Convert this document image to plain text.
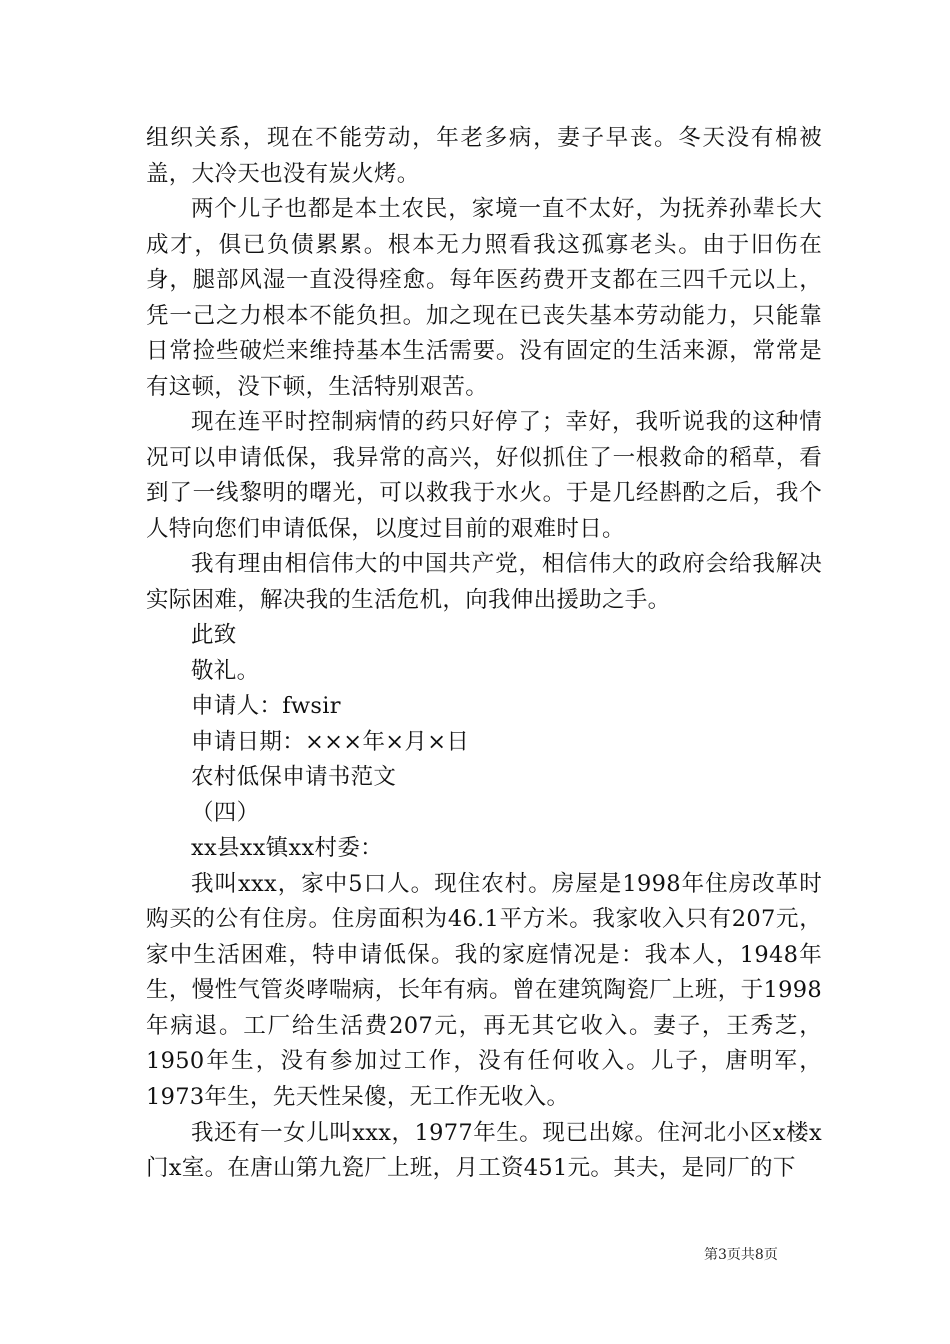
组织关系，现在不能劳动，年老多病，妻子早丧。冬天没有棉被盖，大冷天也没有炭火烤。

两个儿子也都是本土农民，家境一直不太好，为抚养孙辈长大成才，俱已负债累累。根本无力照看我这孤寡老头。由于旧伤在身，腿部风湿一直没得痊愈。每年医药费开支都在三四千元以上，凭一己之力根本不能负担。加之现在已丧失基本劳动能力，只能靠日常捡些破烂来维持基本生活需要。没有固定的生活来源，常常是有这顿，没下顿，生活特别艰苦。

现在连平时控制病情的药只好停了；幸好，我听说我的这种情况可以申请低保，我异常的高兴，好似抓住了一根救命的稻草，看到了一线黎明的曙光，可以救我于水火。于是几经斟酌之后，我个人特向您们申请低保，以度过目前的艰难时日。

我有理由相信伟大的中国共产党，相信伟大的政府会给我解决实际困难，解决我的生活危机，向我伸出援助之手。

此致

敬礼。

申请人：fwsir

申请日期：×××年×月×日

农村低保申请书范文

（四）

xx县xx镇xx村委：

我叫xxx，家中5口人。现住农村。房屋是1998年住房改革时购买的公有住房。住房面积为46.1平方米。我家收入只有207元，家中生活困难，特申请低保。我的家庭情况是：我本人，1948年生，慢性气管炎哮喘病，长年有病。曾在建筑陶瓷厂上班，于1998年病退。工厂给生活费207元，再无其它收入。妻子，王秀芝，1950年生，没有参加过工作，没有任何收入。儿子，唐明军，1973年生，先天性呆傻，无工作无收入。

我还有一女儿叫xxx，1977年生。现已出嫁。住河北小区x楼x门x室。在唐山第九瓷厂上班，月工资451元。其夫，是同厂的下

第3页共8页
